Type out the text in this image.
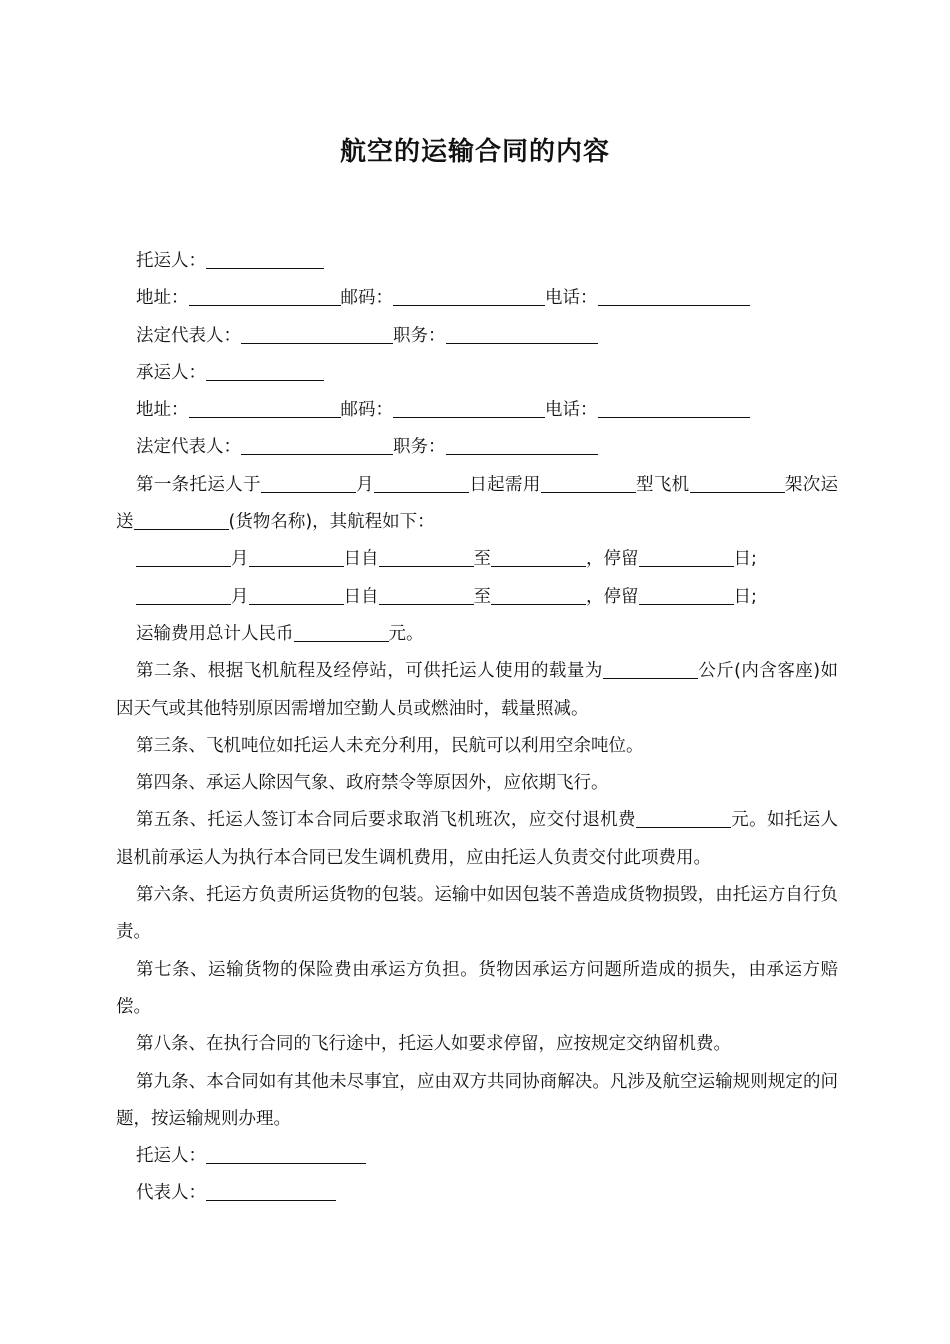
航空的运输合同的内容
托运人：
地址：	邮码：	电话：
法定代表人：	职务：
承运人：
地址：	邮码：	电话：
法定代表人：	职务：
第一条托运人于	月	日起需用	型飞机	架次运送	(货物名称)，其航程如下：
月	日自	至	，停留	日;
月	日自	至	，停留	日;
运输费用总计人民币	元。
第二条、根据飞机航程及经停站，可供托运人使用的载量为	公斤(内含客座)如因天气或其他特别原因需增加空勤人员或燃油时，载量照减。
第三条、飞机吨位如托运人未充分利用，民航可以利用空余吨位。
第四条、承运人除因气象、政府禁令等原因外，应依期飞行。
第五条、托运人签订本合同后要求取消飞机班次，应交付退机费	元。如托运人退机前承运人为执行本合同已发生调机费用，应由托运人负责交付此项费用。
第六条、托运方负责所运货物的包装。运输中如因包装不善造成货物损毁，由托运方自行负责。
第七条、运输货物的保险费由承运方负担。货物因承运方问题所造成的损失，由承运方赔偿。
第八条、在执行合同的飞行途中，托运人如要求停留，应按规定交纳留机费。
第九条、本合同如有其他未尽事宜，应由双方共同协商解决。凡涉及航空运输规则规定的问题，按运输规则办理。
托运人：
代表人：
